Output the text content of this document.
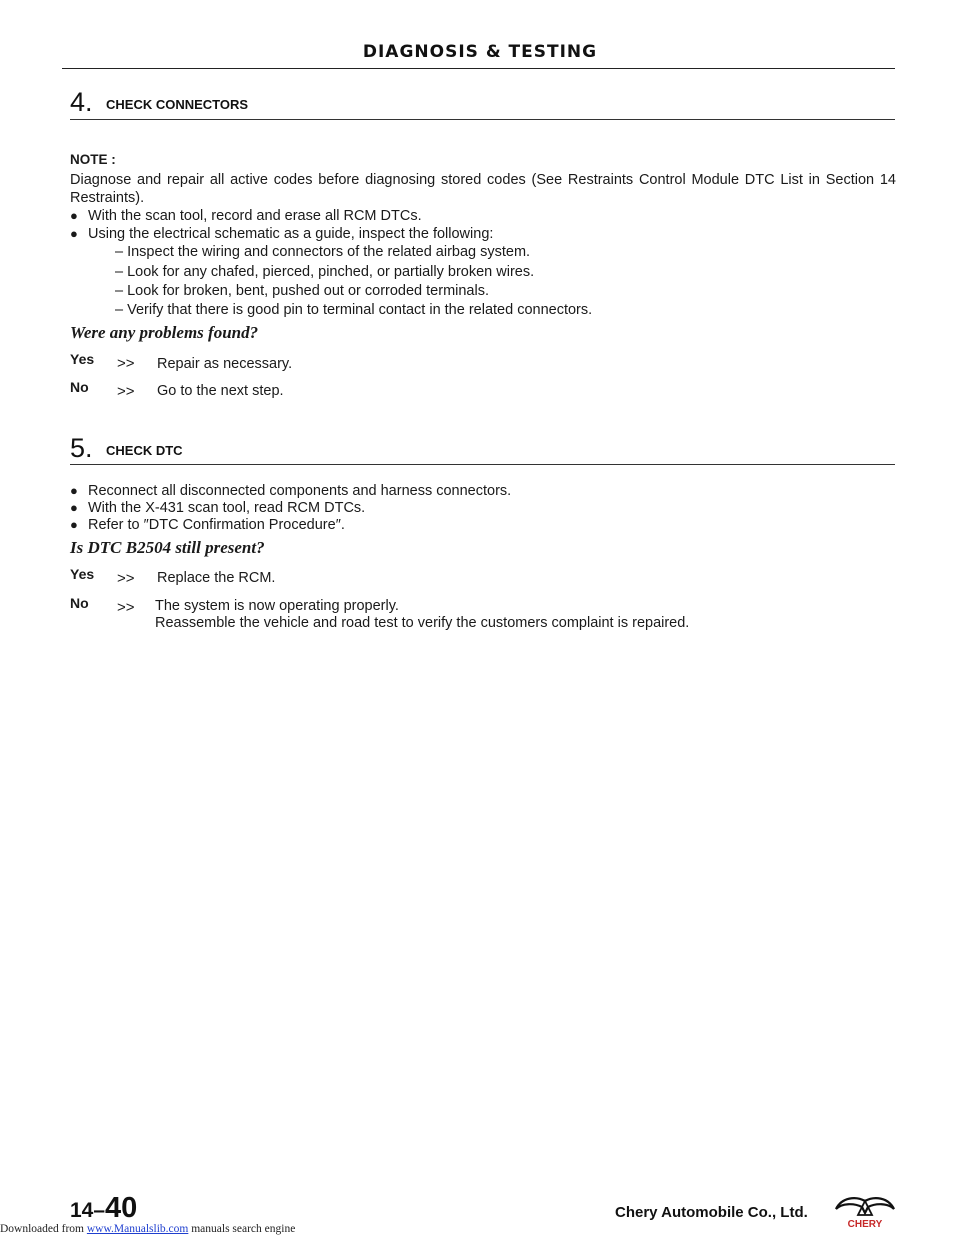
DIAGNOSIS & TESTING
4. CHECK CONNECTORS
NOTE :
Diagnose and repair all active codes before diagnosing stored codes (See Restraints Control Module DTC List in Section 14 Restraints).
● With the scan tool, record and erase all RCM DTCs.
● Using the electrical schematic as a guide, inspect the following:
– Inspect the wiring and connectors of the related airbag system.
– Look for any chafed, pierced, pinched, or partially broken wires.
– Look for broken, bent, pushed out or corroded terminals.
– Verify that there is good pin to terminal contact in the related connectors.
Were any problems found?
Yes >> Repair as necessary.
No >> Go to the next step.
5. CHECK DTC
● Reconnect all disconnected components and harness connectors.
● With the X-431 scan tool, read RCM DTCs.
● Refer to ″DTC Confirmation Procedure″.
Is DTC B2504 still present?
Yes >> Replace the RCM.
No >> The system is now operating properly.
Reassemble the vehicle and road test to verify the customers complaint is repaired.
14–40	Chery Automobile Co., Ltd.
CHERY
Downloaded from www.Manualslib.com manuals search engine
